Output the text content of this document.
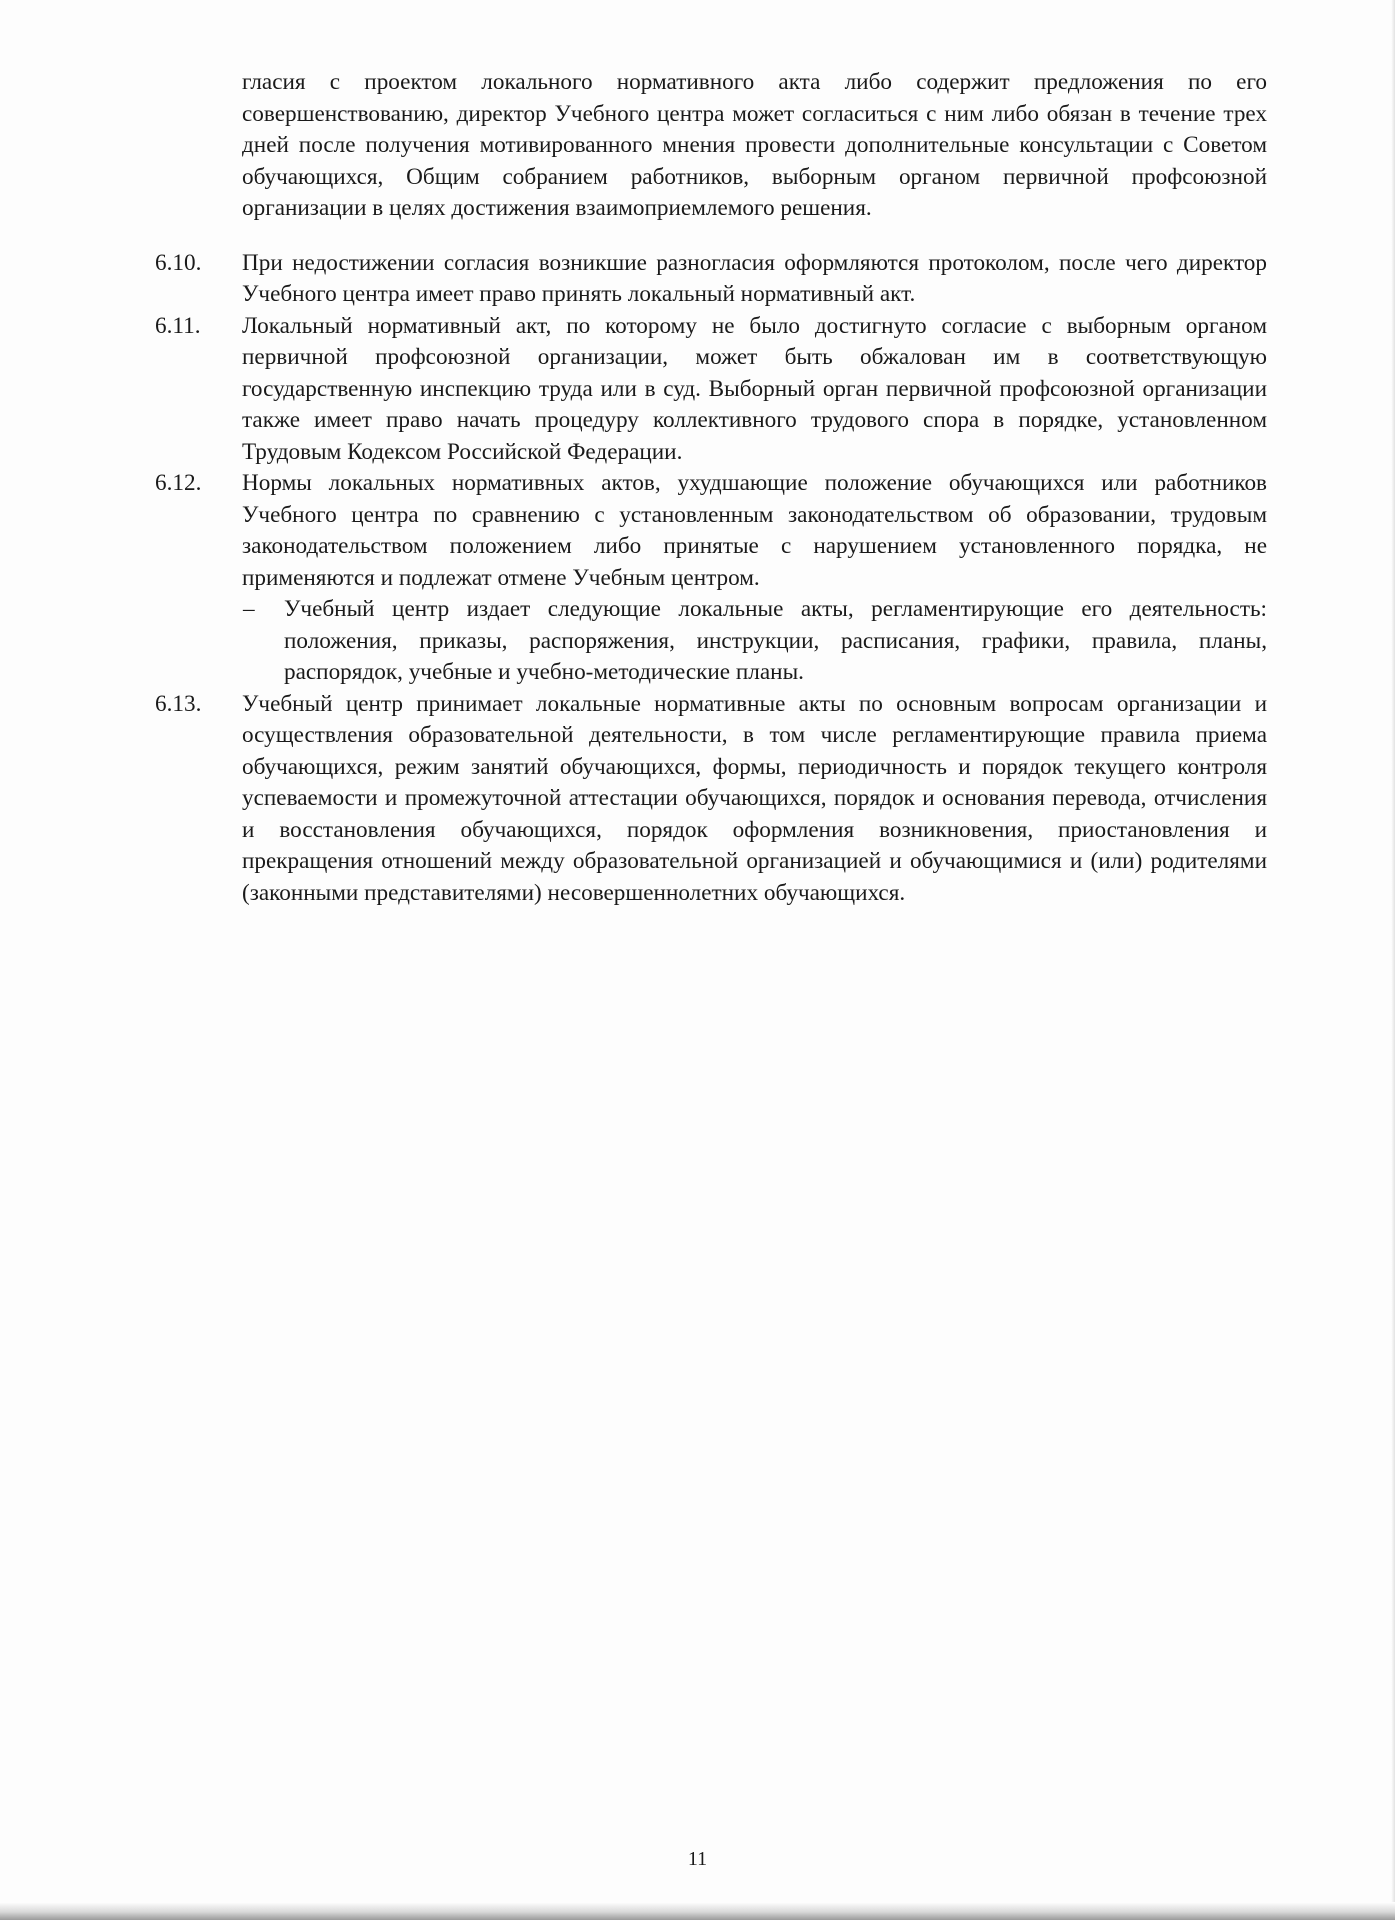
гласия с проектом локального нормативного акта либо содержит предложения по его совершенствованию, директор Учебного центра может согласиться с ним либо обязан в течение трех дней после получения мотивированного мнения провести дополнительные консультации с Советом обучающихся, Общим собранием работников, выборным органом первичной профсоюзной организации в целях достижения взаимоприемлемого решения.

6.10.	При недостижении согласия возникшие разногласия оформляются протоколом, после чего директор Учебного центра имеет право принять локальный нормативный акт.
6.11.	Локальный нормативный акт, по которому не было достигнуто согласие с выборным органом первичной профсоюзной организации, может быть обжалован им в соответствующую государственную инспекцию труда или в суд. Выборный орган первичной профсоюзной организации также имеет право начать процедуру коллективного трудового спора в порядке, установленном Трудовым Кодексом Российской Федерации.
6.12.	Нормы локальных нормативных актов, ухудшающие положение обучающихся или работников Учебного центра по сравнению с установленным законодательством об образовании, трудовым законодательством положением либо принятые с нарушением установленного порядка, не применяются и подлежат отмене Учебным центром.
–	Учебный центр издает следующие локальные акты, регламентирующие его деятельность: положения, приказы, распоряжения, инструкции, расписания, графики, правила, планы, распорядок, учебные и учебно-методические планы.
6.13.	Учебный центр принимает локальные нормативные акты по основным вопросам организации и осуществления образовательной деятельности, в том числе регламентирующие правила приема обучающихся, режим занятий обучающихся, формы, периодичность и порядок текущего контроля успеваемости и промежуточной аттестации обучающихся, порядок и основания перевода, отчисления и восстановления обучающихся, порядок оформления возникновения, приостановления и прекращения отношений между образовательной организацией и обучающимися и (или) родителями (законными представителями) несовершеннолетних обучающихся.
11
